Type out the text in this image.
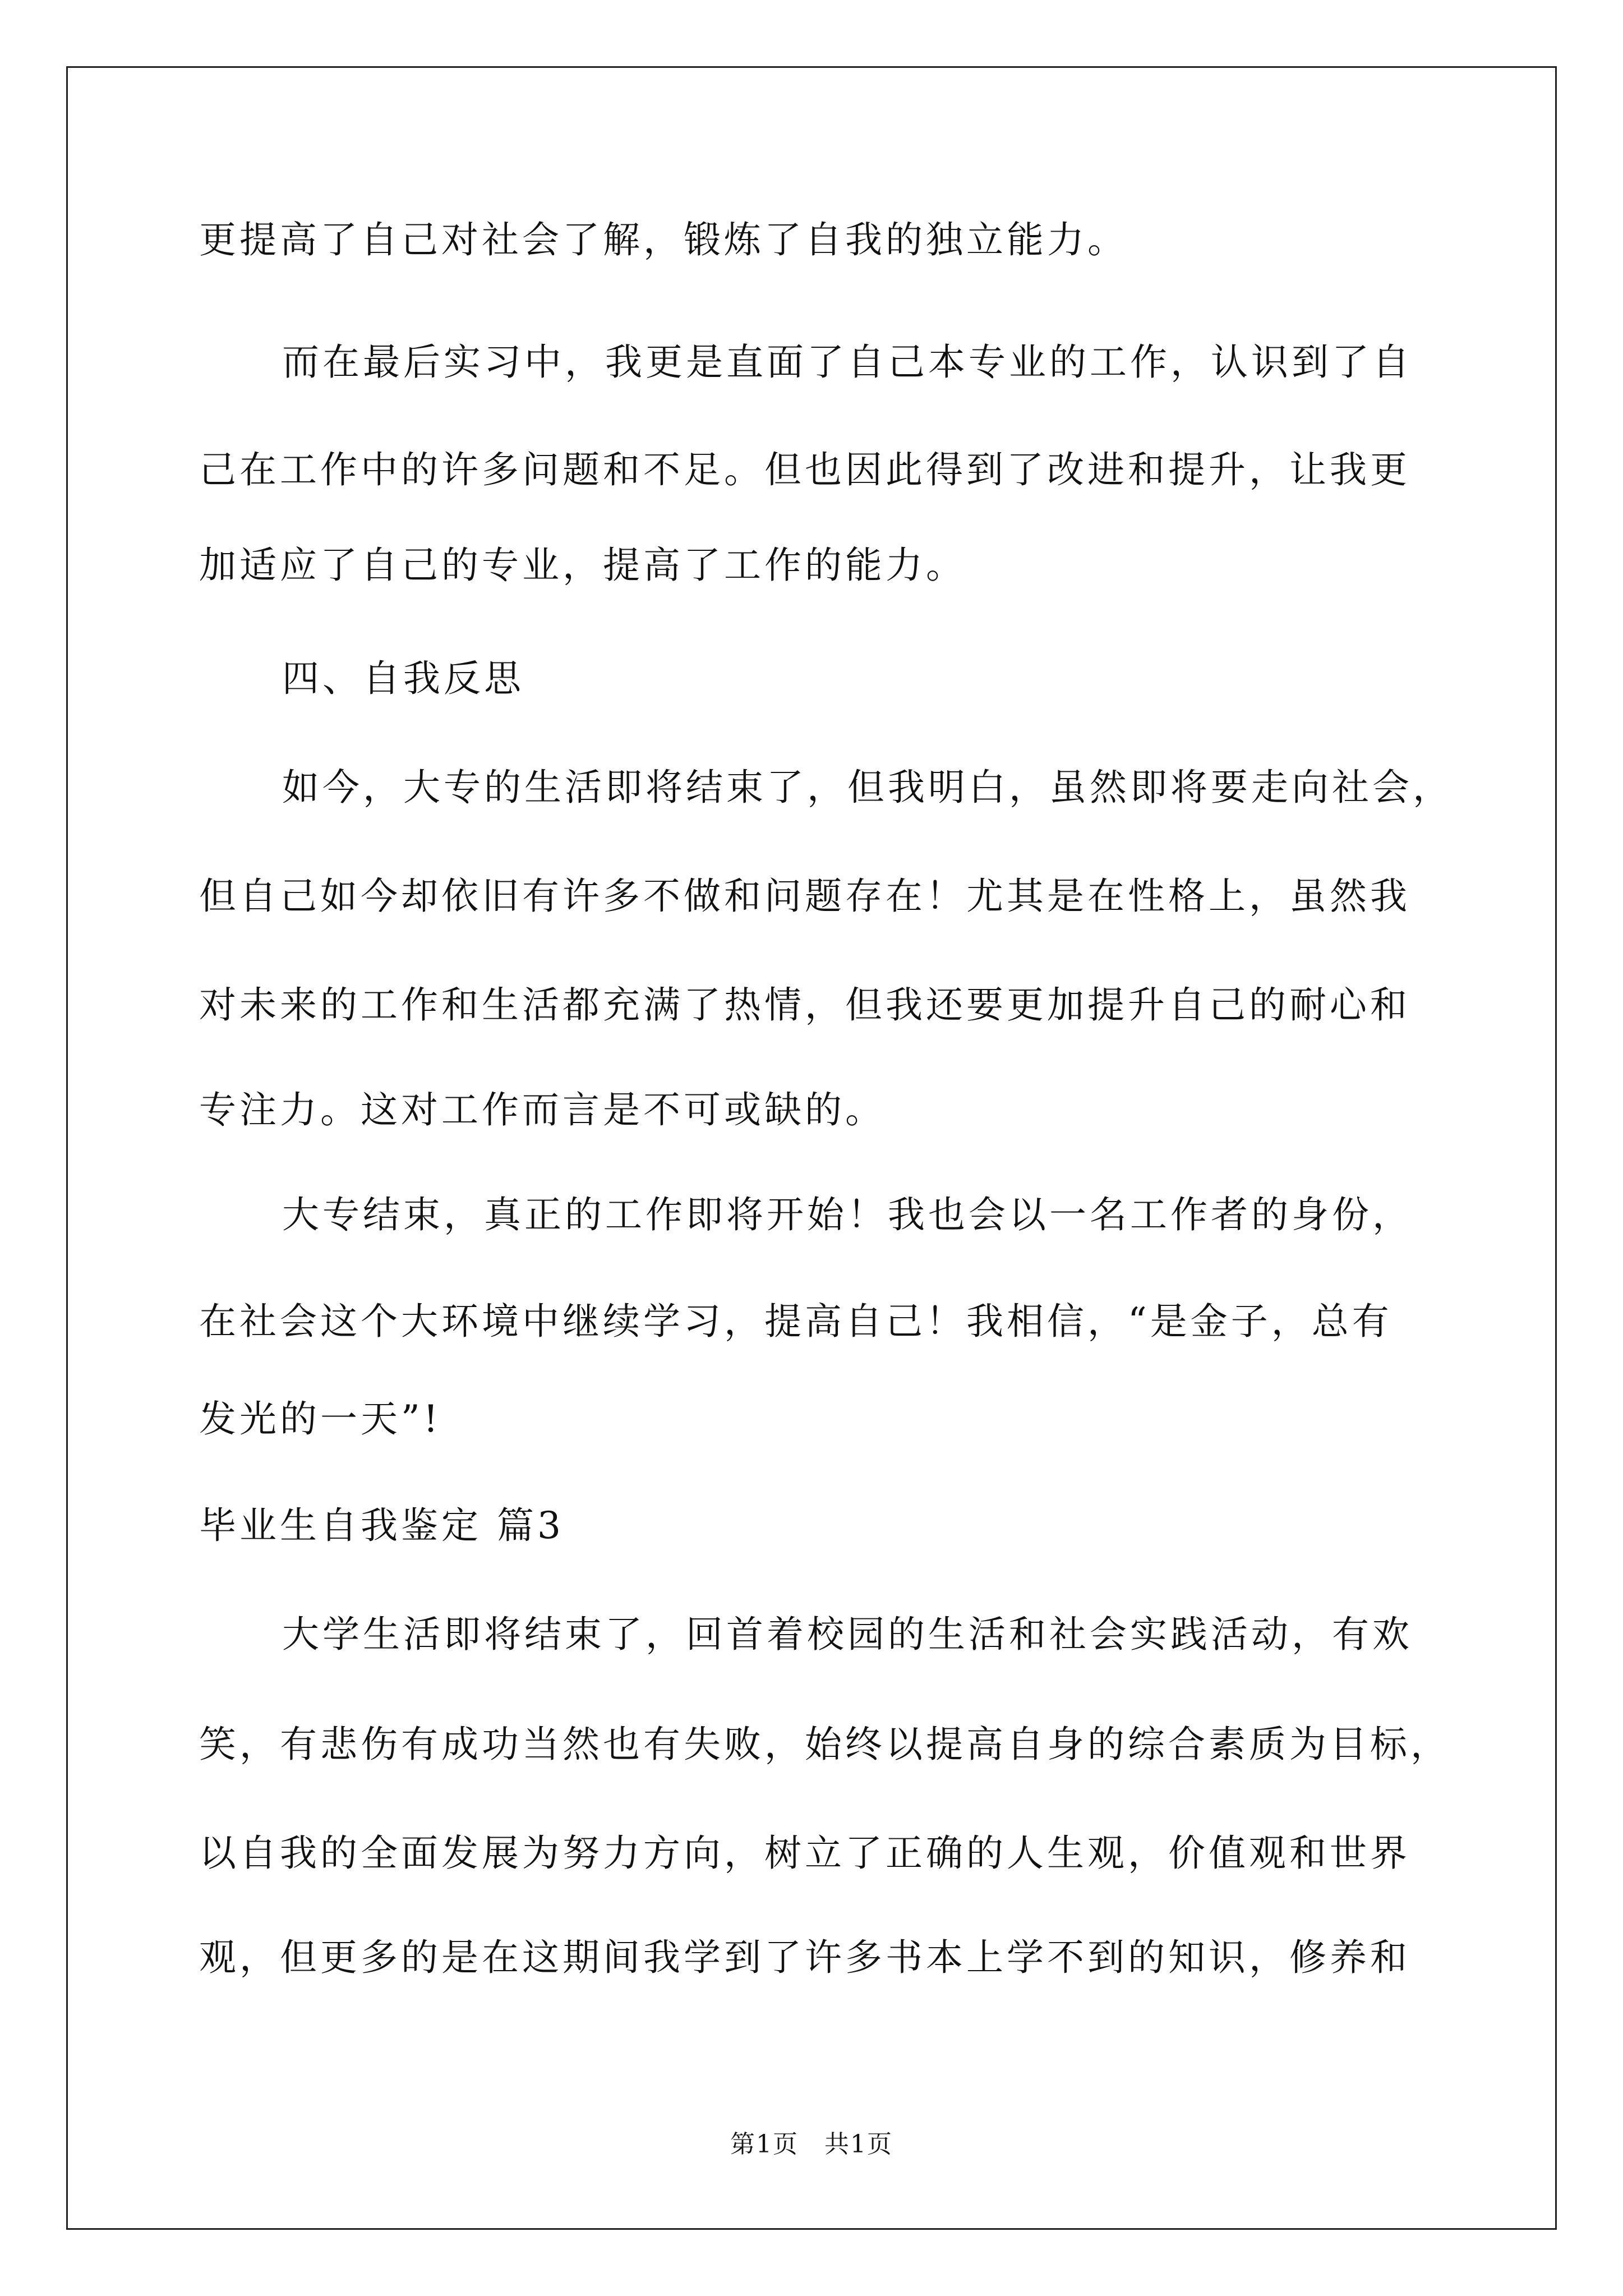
更提高了自己对社会了解，锻炼了自我的独立能力。
而在最后实习中，我更是直面了自己本专业的工作，认识到了自
己在工作中的许多问题和不足。但也因此得到了改进和提升，让我更
加适应了自己的专业，提高了工作的能力。
四、自我反思
如今，大专的生活即将结束了，但我明白，虽然即将要走向社会，
但自己如今却依旧有许多不做和问题存在！尤其是在性格上，虽然我
对未来的工作和生活都充满了热情，但我还要更加提升自己的耐心和
专注力。这对工作而言是不可或缺的。
大专结束，真正的工作即将开始！我也会以一名工作者的身份，
在社会这个大环境中继续学习，提高自己！我相信，“是金子，总有
发光的一天”!
毕业生自我鉴定 篇3
大学生活即将结束了，回首着校园的生活和社会实践活动，有欢
笑，有悲伤有成功当然也有失败，始终以提高自身的综合素质为目标，
以自我的全面发展为努力方向，树立了正确的人生观，价值观和世界
观，但更多的是在这期间我学到了许多书本上学不到的知识，修养和
第1页　共1页
